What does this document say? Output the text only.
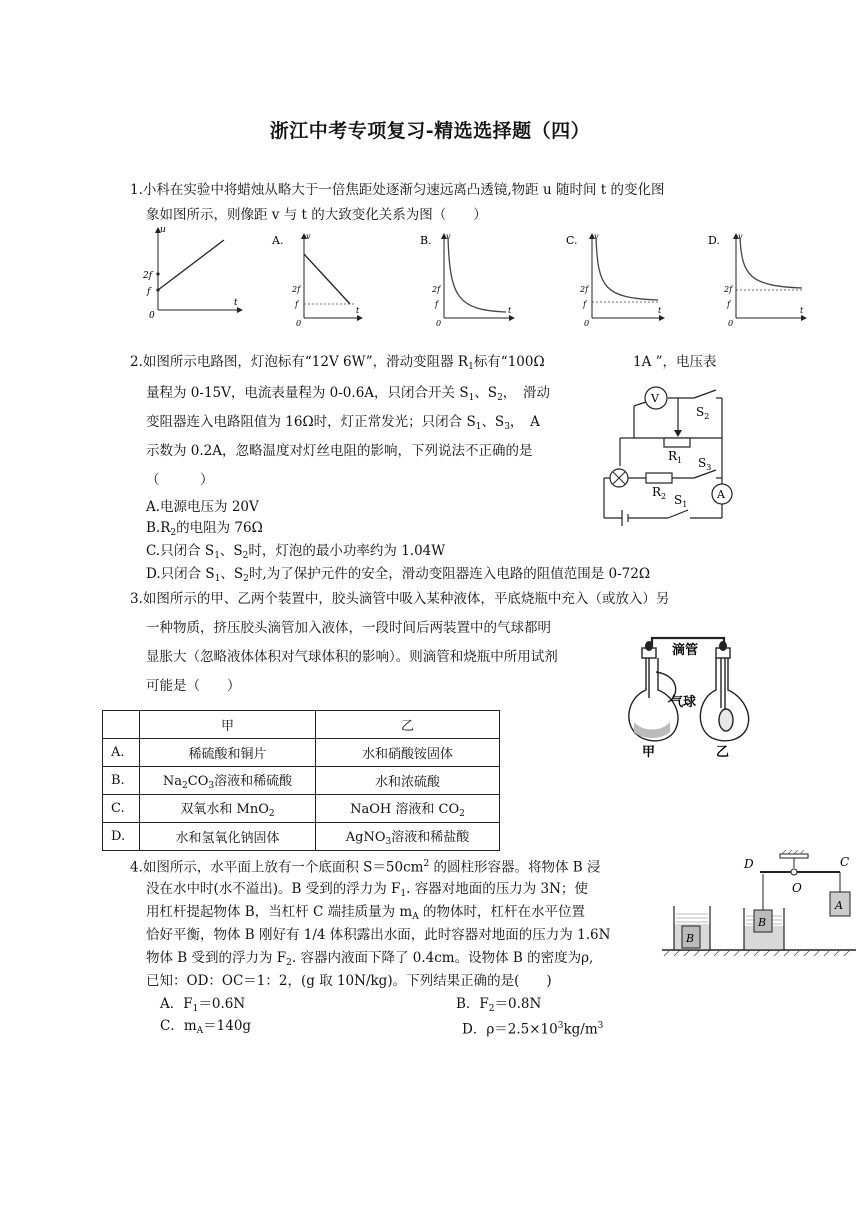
浙江中考专项复习-精选选择题（四）
1.小科在实验中将蜡烛从略大于一倍焦距处逐渐匀速远离凸透镜,物距 u 随时间 t 的变化图
象如图所示，则像距 v 与 t 的大致变化关系为图（　　）
u
t
2f
f
0
A.	v
t
2f
f
0
B. v
t
2f
f
0
C. v
t
2f
f
0
D. v
t
2f
f
0
2.如图所示电路图，灯泡标有“12V 6W”，滑动变阻器 $R_1$标有“100Ω	1A ”，电压表
量程为 0-15V，电流表量程为 0-0.6A，只闭合开关 $S_1$、$S_2$，　滑动
变阻器连入电路阻值为 16Ω时，灯正常发光；只闭合 $S_1$、$S_3$，　A
示数为 0.2A，忽略温度对灯丝电阻的影响，下列说法不正确的是
（　　　）
A.电源电压为 20V
$B.R_2$的电阻为 76Ω
C.只闭合 $S_1$、$S_2$时，灯泡的最小功率约为 1.04W
D.只闭合 $S_1$、$S_2$时,为了保护元件的安全，滑动变阻器连入电路的阻值范围是 0-72Ω
V
A
$S_2$
$R_1$ $S_3$
$R_2$ $S_1$
3.如图所示的甲、乙两个装置中，胶头滴管中吸入某种液体，平底烧瓶中充入（或放入）另
一种物质，挤压胶头滴管加入液体，一段时间后两装置中的气球都明
显胀大（忽略液体体积对气球体积的影响）。则滴管和烧瓶中所用试剂
可能是（　　）
	甲	乙
A.	稀硫酸和铜片	水和硝酸铵固体
B.	$Na_2CO_3$溶液和稀硫酸	水和浓硫酸
C.	双氧水和 MnO$_2$	NaOH 溶液和 $CO_2$
D.	水和氢氧化钠固体	AgNO$_3$溶液和稀盐酸
滴管
气球
甲	乙
4.如图所示，水平面上放有一个底面积 $S=50cm^2$ 的圆柱形容器。将物体 B 浸
没在水中时(水不溢出)。B 受到的浮力为 $F_1$. 容器对地面的压力为 3N；使
用杠杆提起物体 B，当杠杆 C 端挂质量为 $m_A$ 的物体时，杠杆在水平位置
恰好平衡，物体 B 刚好有 1/4 体积露出水面，此时容器对地面的压力为 1.6N
物体 B 受到的浮力为 $F_2$. 容器内液面下降了 0.4cm。设物体 B 的密度为ρ,
已知：OD：OC＝1：2，(g 取 10N/kg)。下列结果正确的是(　　)
A．$F_1=0.6N$	B．$F_2=0.8N$
C．$m_A=140g$	D．$\rho=2.5\times 10^3kg/m^3$
B
B
A
D	C
O
